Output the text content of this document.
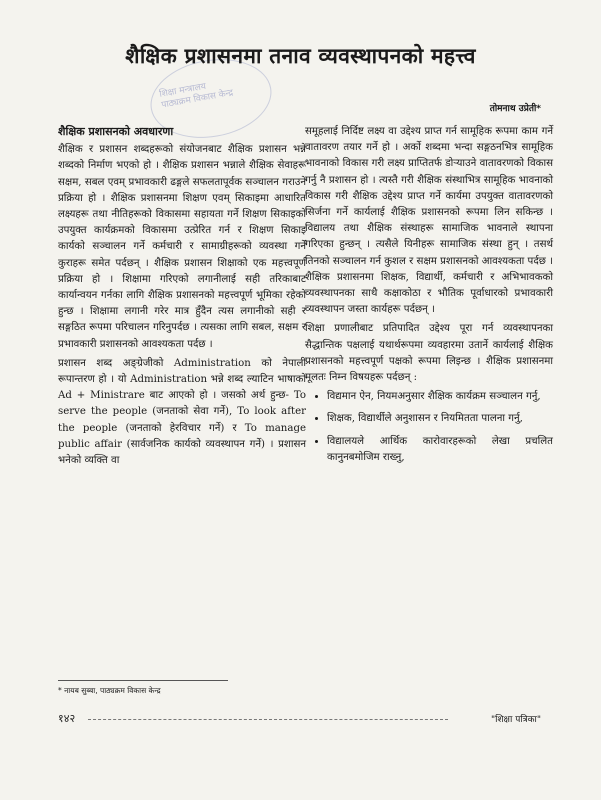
शिक्षा मन्त्रालय
पाठ्यक्रम विकास केन्द्र
शैक्षिक प्रशासनमा तनाव व्यवस्थापनको महत्त्व
तोमनाथ उप्रेती*

शैक्षिक प्रशासनको अवधारणा

शैक्षिक र प्रशासन शब्दहरूको संयोजनबाट शैक्षिक प्रशासन भन्ने शब्दको निर्माण भएको हो । शैक्षिक प्रशासन भन्नाले शैक्षिक सेवाहरू सक्षम, सबल एवम् प्रभावकारी ढङ्गले सफलतापूर्वक सञ्चालन गराउने प्रक्रिया हो । शैक्षिक प्रशासनमा शिक्षण एवम् सिकाइमा आधारित लक्ष्यहरू तथा नीतिहरूको विकासमा सहायता गर्ने शिक्षण सिकाइको उपयुक्त कार्यक्रमको विकासमा उत्प्रेरित गर्न र शिक्षण सिकाइ कार्यको सञ्चालन गर्ने कर्मचारी र सामाग्रीहरूको व्यवस्था गर्ने कुराहरू समेत पर्दछन् । शैक्षिक प्रशासन शिक्षाको एक महत्त्वपूर्ण प्रक्रिया हो । शिक्षामा गरिएको लगानीलाई सही तरिकाबाट कार्यान्वयन गर्नका लागि शैक्षिक प्रशासनको महत्त्वपूर्ण भूमिका रहेको हुन्छ । शिक्षामा लगानी गरेर मात्र हुँदैन त्यस लगानीको सही र सङ्गठित रूपमा परिचालन गरिनुपर्दछ । त्यसका लागि सबल, सक्षम र प्रभावकारी प्रशासनको आवश्यकता पर्दछ ।

प्रशासन शब्द अङ्ग्रेजीको Administration को नेपाली रूपान्तरण हो । यो Administration भन्ने शब्द ल्याटिन भाषाको Ad + Ministrare बाट आएको हो । जसको अर्थ हुन्छ- To serve the people (जनताको सेवा गर्ने), To look after the people (जनताको हेरविचार गर्ने) र To manage public affair (सार्वजनिक कार्यको व्यवस्थापन गर्ने) । प्रशासन भनेको व्यक्ति वा

समूहलाई निर्दिष्ट लक्ष्य वा उद्देश्य प्राप्त गर्न सामूहिक रूपमा काम गर्ने वातावरण तयार गर्ने हो । अर्को शब्दमा भन्दा सङ्गठनभित्र सामूहिक भावनाको विकास गरी लक्ष्य प्राप्तितर्फ डोऱ्याउने वातावरणको विकास गर्नु नै प्रशासन हो । त्यस्तै गरी शैक्षिक संस्थाभित्र सामूहिक भावनाको विकास गरी शैक्षिक उद्देश्य प्राप्त गर्ने कार्यमा उपयुक्त वातावरणको सिर्जना गर्ने कार्यलाई शैक्षिक प्रशासनको रूपमा लिन सकिन्छ । विद्यालय तथा शैक्षिक संस्थाहरू सामाजिक भावनाले स्थापना गरिएका हुन्छन् । त्यसैले यिनीहरू सामाजिक संस्था हुन् । तसर्थ तिनको सञ्चालन गर्न कुशल र सक्षम प्रशासनको आवश्यकता पर्दछ । शैक्षिक प्रशासनमा शिक्षक, विद्यार्थी, कर्मचारी र अभिभावकको व्यवस्थापनका साथै कक्षाकोठा र भौतिक पूर्वाधारको प्रभावकारी व्यवस्थापन जस्ता कार्यहरू पर्दछन् ।

शिक्षा प्रणालीबाट प्रतिपादित उद्देश्य पूरा गर्न व्यवस्थापनका सैद्धान्तिक पक्षलाई यथार्थरूपमा व्यवहारमा उतार्ने कार्यलाई शैक्षिक प्रशासनको महत्त्वपूर्ण पक्षको रूपमा लिइन्छ । शैक्षिक प्रशासनमा मूलतः निम्न विषयहरू पर्दछन् :

• विद्यमान ऐन, नियमअनुसार शैक्षिक कार्यक्रम सञ्चालन गर्नु,
• शिक्षक, विद्यार्थीले अनुशासन र नियमितता पालना गर्नु,
• विद्यालयले आर्थिक कारोवारहरूको लेखा प्रचलित कानुनबमोजिम राख्नु,
* नायब सुब्बा, पाठ्यक्रम विकास केन्द्र
१४२	"शिक्षा पत्रिका"
